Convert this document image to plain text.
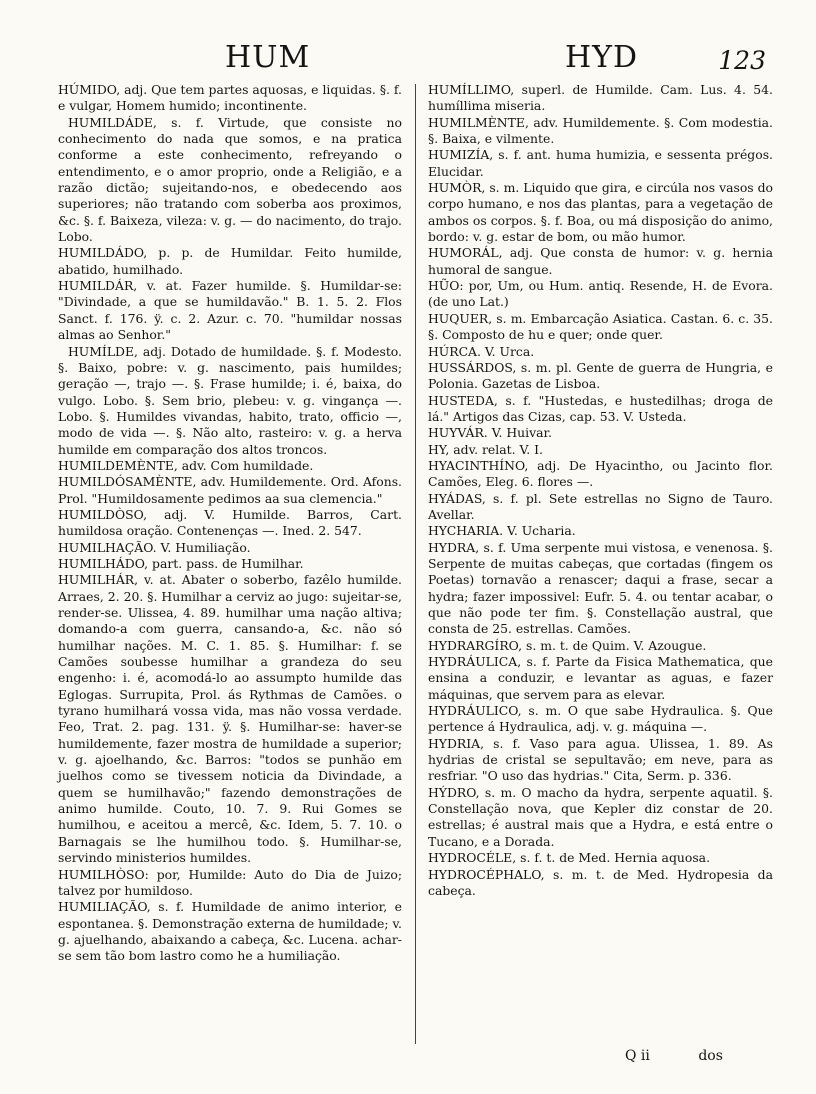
HUM	HYD	123

HÚMIDO, adj. Que tem partes aquosas, e liquidas. §. f. e vulgar, Homem humido; incontinente.

HUMILDÁDE, s. f. Virtude, que consiste no conhecimento do nada que somos, e na pratica conforme a este conhecimento, refreyando o entendimento, e o amor proprio, onde a Religião, e a razão dictão; sujeitando-nos, e obedecendo aos superiores; não tratando com soberba aos proximos, &c. §. f. Baixeza, vileza: v. g. — do nacimento, do trajo. Lobo.

HUMILDÁDO, p. p. de Humildar. Feito humilde, abatido, humilhado.

HUMILDÁR, v. at. Fazer humilde. §. Humildar-se: "Divindade, a que se humildavão." B. 1. 5. 2. Flos Sanct. f. 176. ÿ. c. 2. Azur. c. 70. "humildar nossas almas ao Senhor."

HUMÍLDE, adj. Dotado de humildade. §. f. Modesto. §. Baixo, pobre: v. g. nascimento, pais humildes; geração —, trajo —. §. Frase humilde; i. é, baixa, do vulgo. Lobo. §. Sem brio, plebeu: v. g. vingança —. Lobo. §. Humildes vivandas, habito, trato, officio —, modo de vida —. §. Não alto, rasteiro: v. g. a herva humilde em comparação dos altos troncos.

HUMILDEMÈNTE, adv. Com humildade.

HUMILDÓSAMÈNTE, adv. Humildemente. Ord. Afons. Prol. "Humildosamente pedimos aa sua clemencia."

HUMILDÒSO, adj. V. Humilde. Barros, Cart. humildosa oração. Contenenças —. Ined. 2. 547.

HUMILHAÇÃO. V. Humiliação.

HUMILHÁDO, part. pass. de Humilhar.

HUMILHÁR, v. at. Abater o soberbo, fazêlo humilde. Arraes, 2. 20. §. Humilhar a cerviz ao jugo: sujeitar-se, render-se. Ulissea, 4. 89. humilhar uma nação altiva; domando-a com guerra, cansando-a, &c. não só humilhar nações. M. C. 1. 85. §. Humilhar: f. se Camões soubesse humilhar a grandeza do seu engenho: i. é, acomodá-lo ao assumpto humilde das Eglogas. Surrupita, Prol. ás Rythmas de Camões. o tyrano humilhará vossa vida, mas não vossa verdade. Feo, Trat. 2. pag. 131. ÿ. §. Humilhar-se: haver-se humildemente, fazer mostra de humildade a superior; v. g. ajoelhando, &c. Barros: "todos se punhão em juelhos como se tivessem noticia da Divindade, a quem se humilhavão;" fazendo demonstrações de animo humilde. Couto, 10. 7. 9. Rui Gomes se humilhou, e aceitou a mercê, &c. Idem, 5. 7. 10. o Barnagais se lhe humilhou todo. §. Humilhar-se, servindo ministerios humildes.

HUMILHÒSO: por, Humilde: Auto do Dia de Juizo; talvez por humildoso.

HUMILIAÇÃO, s. f. Humildade de animo interior, e espontanea. §. Demonstração externa de humildade; v. g. ajuelhando, abaixando a cabeça, &c. Lucena. achar-se sem tão bom lastro como he a humiliação.

HUMÍLLIMO, superl. de Humilde. Cam. Lus. 4. 54. humíllima miseria.

HUMILMÈNTE, adv. Humildemente. §. Com modestia. §. Baixa, e vilmente.

HUMIZÍA, s. f. ant. huma humizia, e sessenta prégos. Elucidar.

HUMÒR, s. m. Liquido que gira, e circúla nos vasos do corpo humano, e nos das plantas, para a vegetação de ambos os corpos. §. f. Boa, ou má disposição do animo, bordo: v. g. estar de bom, ou mão humor.

HUMORÁL, adj. Que consta de humor: v. g. hernia humoral de sangue.

HŨO: por, Um, ou Hum. antiq. Resende, H. de Evora. (de uno Lat.)

HUQUER, s. m. Embarcação Asiatica. Castan. 6. c. 35. §. Composto de hu e quer; onde quer.

HÚRCA. V. Urca.

HUSSÁRDOS, s. m. pl. Gente de guerra de Hungria, e Polonia. Gazetas de Lisboa.

HUSTEDA, s. f. "Hustedas, e hustedilhas; droga de lá." Artigos das Cizas, cap. 53. V. Usteda.

HUYVÁR. V. Huivar.

HY, adv. relat. V. I.

HYACINTHÍNO, adj. De Hyacintho, ou Jacinto flor. Camões, Eleg. 6. flores —.

HYÁDAS, s. f. pl. Sete estrellas no Signo de Tauro. Avellar.

HYCHARIA. V. Ucharia.

HYDRA, s. f. Uma serpente mui vistosa, e venenosa. §. Serpente de muitas cabeças, que cortadas (fingem os Poetas) tornavão a renascer; daqui a frase, secar a hydra; fazer impossivel: Eufr. 5. 4. ou tentar acabar, o que não pode ter fim. §. Constellação austral, que consta de 25. estrellas. Camões.

HYDRARGÍRO, s. m. t. de Quim. V. Azougue.

HYDRÁULICA, s. f. Parte da Fisica Mathematica, que ensina a conduzir, e levantar as aguas, e fazer máquinas, que servem para as elevar.

HYDRÁULICO, s. m. O que sabe Hydraulica. §. Que pertence á Hydraulica, adj. v. g. máquina —.

HYDRIA, s. f. Vaso para agua. Ulissea, 1. 89. As hydrias de cristal se sepultavão; em neve, para as resfriar. "O uso das hydrias." Cita, Serm. p. 336.

HÝDRO, s. m. O macho da hydra, serpente aquatil. §. Constellação nova, que Kepler diz constar de 20. estrellas; é austral mais que a Hydra, e está entre o Tucano, e a Dorada.

HYDROCÉLE, s. f. t. de Med. Hernia aquosa.

HYDROCÉPHALO, s. m. t. de Med. Hydropesia da cabeça.

Q ii	dos
